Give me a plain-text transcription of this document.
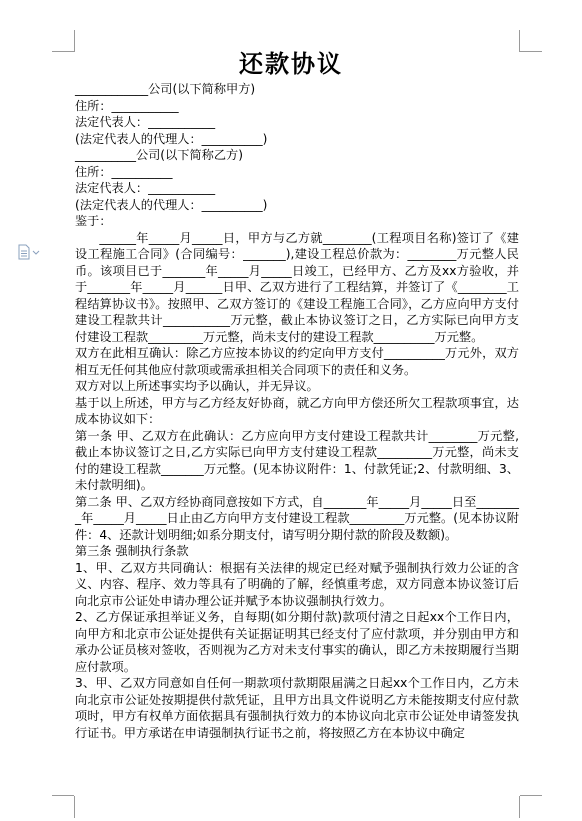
还款协议

____________公司(以下简称甲方)

住所：___________

法定代表人：___________

(法定代表人的代理人：__________)

__________公司(以下简称乙方)

住所：__________

法定代表人：___________

(法定代表人的代理人：__________)

鉴于：

______年_____月_____日，甲方与乙方就________(工程项目名称)签订了《建设工程施工合同》(合同编号：_______),建设工程总价款为：________万元整人民币。该项目已于_______年_____月_____日竣工，已经甲方、乙方及xx方验收，并于_______年_____月______日甲、乙双方进行了工程结算，并签订了《________工程结算协议书》。按照甲、乙双方签订的《建设工程施工合同》，乙方应向甲方支付建设工程款共计___________万元整，截止本协议签订之日，乙方实际已向甲方支付建设工程款_________万元整，尚未支付的建设工程款__________万元整。

双方在此相互确认：除乙方应按本协议的约定向甲方支付__________万元外，双方相互无任何其他应付款项或需承担相关合同项下的责任和义务。

双方对以上所述事实均予以确认，并无异议。

基于以上所述，甲方与乙方经友好协商，就乙方向甲方偿还所欠工程款项事宜，达成本协议如下：

第一条 甲、乙双方在此确认：乙方应向甲方支付建设工程款共计________万元整,截止本协议签订之日,乙方实际已向甲方支付建设工程款_________万元整，尚未支付的建设工程款_______万元整。(见本协议附件：1、付款凭证;2、付款明细、3、未付款明细)。

第二条 甲、乙双方经协商同意按如下方式，自_______年_____月_____日至________年_____月_____日止由乙方向甲方支付建设工程款_________万元整。(见本协议附件：4、还款计划明细;如系分期支付，请写明分期付款的阶段及数额)。

第三条 强制执行条款

1、甲、乙双方共同确认：根据有关法律的规定已经对赋予强制执行效力公证的含义、内容、程序、效力等具有了明确的了解，经慎重考虑，双方同意本协议签订后向北京市公证处申请办理公证并赋予本协议强制执行效力。

2、乙方保证承担举证义务，自每期(如分期付款)款项付清之日起xx个工作日内，向甲方和北京市公证处提供有关证据证明其已经支付了应付款项，并分别由甲方和承办公证员核对签收，否则视为乙方对未支付事实的确认，即乙方未按期履行当期应付款项。

3、甲、乙双方同意如自任何一期款项付款期限届满之日起xx个工作日内，乙方未向北京市公证处按期提供付款凭证，且甲方出具文件说明乙方未能按期支付应付款项时，甲方有权单方面依据具有强制执行效力的本协议向北京市公证处申请签发执行证书。甲方承诺在申请强制执行证书之前，将按照乙方在本协议中确定
